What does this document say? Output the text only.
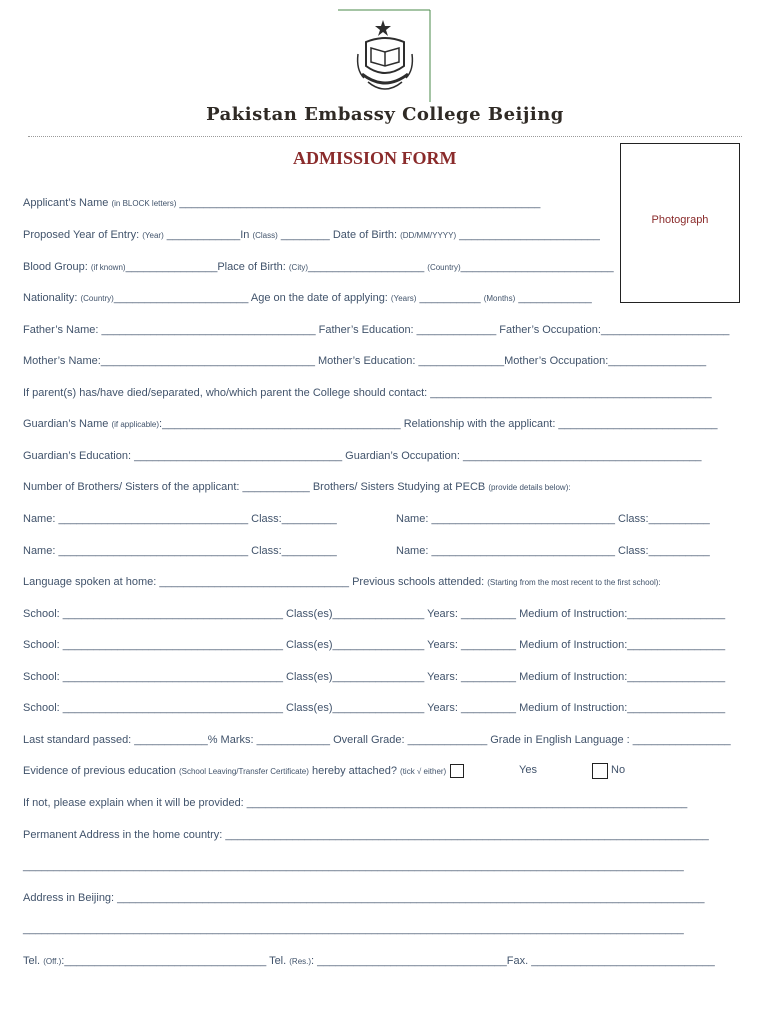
Pakistan Embassy College Beijing
ADMISSION FORM
Photograph
Applicant’s Name (in BLOCK letters) ___________________________________________________________
Proposed Year of Entry: (Year) ____________In (Class) ________ Date of Birth: (DD/MM/YYYY) _______________________
Blood Group: (if known)_______________Place of Birth: (City)___________________ (Country)_________________________
Nationality: (Country)______________________ Age on the date of applying: (Years) __________ (Months) ____________
Father’s Name: ___________________________________ Father’s Education: _____________ Father’s Occupation:_____________________
Mother’s Name:___________________________________ Mother’s Education: ______________Mother’s Occupation:________________
If parent(s) has/have died/separated, who/which parent the College should contact: ______________________________________________
Guardian’s Name (if applicable):_______________________________________ Relationship with the applicant: __________________________
Guardian’s Education: __________________________________ Guardian’s Occupation: _______________________________________
Number of Brothers/ Sisters of the applicant: ___________ Brothers/ Sisters Studying at PECB (provide details below):
Name: _______________________________ Class:_________	Name: ______________________________ Class:__________
Name: _______________________________ Class:_________	Name: ______________________________ Class:__________
Language spoken at home: _______________________________ Previous schools attended: (Starting from the most recent to the first school):
School: ____________________________________ Class(es)_______________ Years: _________ Medium of Instruction:________________
School: ____________________________________ Class(es)_______________ Years: _________ Medium of Instruction:________________
School: ____________________________________ Class(es)_______________ Years: _________ Medium of Instruction:________________
School: ____________________________________ Class(es)_______________ Years: _________ Medium of Instruction:________________
Last standard passed: ____________% Marks: ____________ Overall Grade: _____________ Grade in English Language : ________________
Evidence of previous education (School Leaving/Transfer Certificate) hereby attached? (tick √ either)	Yes	No
If not, please explain when it will be provided: ________________________________________________________________________
Permanent Address in the home country: _______________________________________________________________________________
____________________________________________________________________________________________________________
Address in Beijing: ________________________________________________________________________________________________
____________________________________________________________________________________________________________
Tel. (Off.):_________________________________ Tel. (Res.): _______________________________Fax. ______________________________
